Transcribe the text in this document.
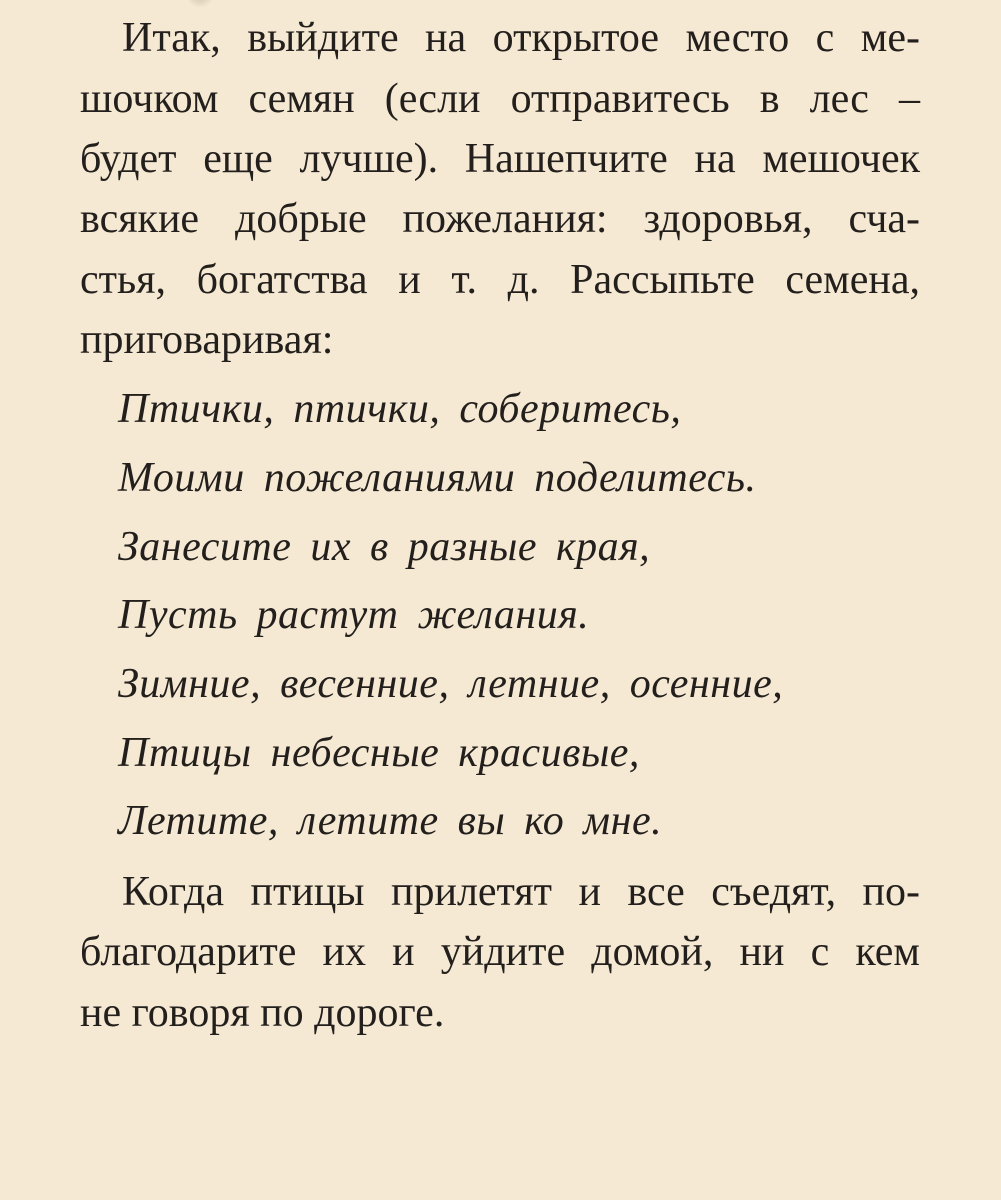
Итак, выйдите на открытое место с ме-

шочком семян (если отправитесь в лес –

будет еще лучше). Нашепчите на мешочек

всякие добрые пожелания: здоровья, сча-

стья, богатства и т. д. Рассыпьте семена,

приговаривая:

Птички, птички, соберитесь,

Моими пожеланиями поделитесь.

Занесите их в разные края,

Пусть растут желания.

Зимние, весенние, летние, осенние,

Птицы небесные красивые,

Летите, летите вы ко мне.

Когда птицы прилетят и все съедят, по-

благодарите их и уйдите домой, ни с кем

не говоря по дороге.
